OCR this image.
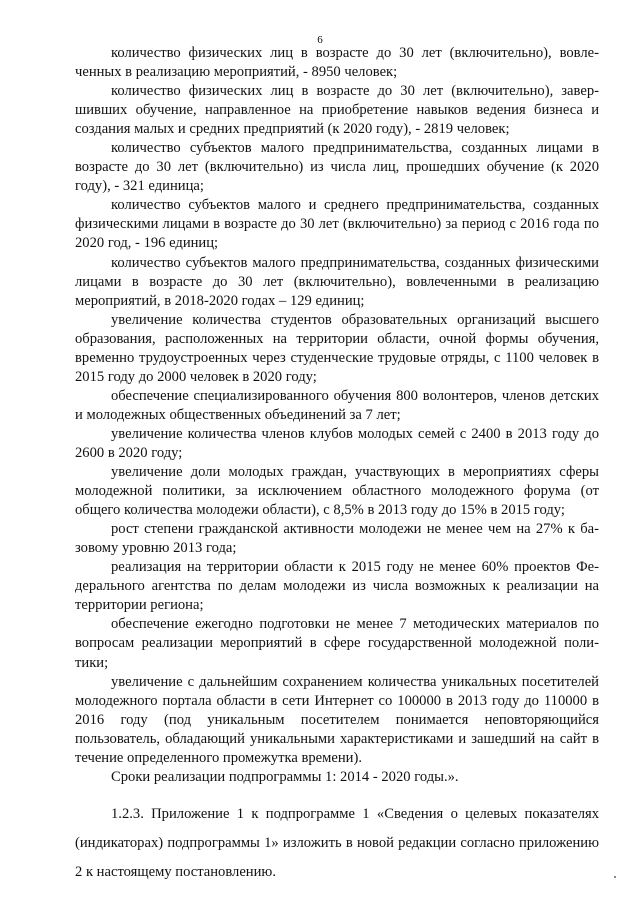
6

количество физических лиц в возрасте до 30 лет (включительно), вовлеченных в реализацию мероприятий, - 8950 человек;

количество физических лиц в возрасте до 30 лет (включительно), завершивших обучение, направленное на приобретение навыков ведения бизнеса и создания малых и средних предприятий (к 2020 году), - 2819 человек;

количество субъектов малого предпринимательства, созданных лицами в возрасте до 30 лет (включительно) из числа лиц, прошедших обучение (к 2020 году), - 321 единица;

количество субъектов малого и среднего предпринимательства, созданных физическими лицами в возрасте до 30 лет (включительно) за период с 2016 года по 2020 год, - 196 единиц;

количество субъектов малого предпринимательства, созданных физическими лицами в возрасте до 30 лет (включительно), вовлеченными в реализацию мероприятий, в 2018-2020 годах – 129 единиц;

увеличение количества студентов образовательных организаций высшего образования, расположенных на территории области, очной формы обучения, временно трудоустроенных через студенческие трудовые отряды, с 1100 человек в 2015 году до 2000 человек в 2020 году;

обеспечение специализированного обучения 800 волонтеров, членов детских и молодежных общественных объединений за 7 лет;

увеличение количества членов клубов молодых семей с 2400 в 2013 году до 2600 в 2020 году;

увеличение доли молодых граждан, участвующих в мероприятиях сферы молодежной политики, за исключением областного молодежного форума (от общего количества молодежи области), с 8,5% в 2013 году до 15% в 2015 году;

рост степени гражданской активности молодежи не менее чем на 27% к базовому уровню 2013 года;

реализация на территории области к 2015 году не менее 60% проектов Федерального агентства по делам молодежи из числа возможных к реализации на территории региона;

обеспечение ежегодно подготовки не менее 7 методических материалов по вопросам реализации мероприятий в сфере государственной молодежной политики;

увеличение с дальнейшим сохранением количества уникальных посетителей молодежного портала области в сети Интернет со 100000 в 2013 году до 110000 в 2016 году (под уникальным посетителем понимается неповторяющийся пользователь, обладающий уникальными характеристиками и зашедший на сайт в течение определенного промежутка времени).

Сроки реализации подпрограммы 1: 2014 - 2020 годы.».

1.2.3. Приложение 1 к подпрограмме 1 «Сведения о целевых показателях (индикаторах) подпрограммы 1» изложить в новой редакции согласно приложению 2 к настоящему постановлению.
